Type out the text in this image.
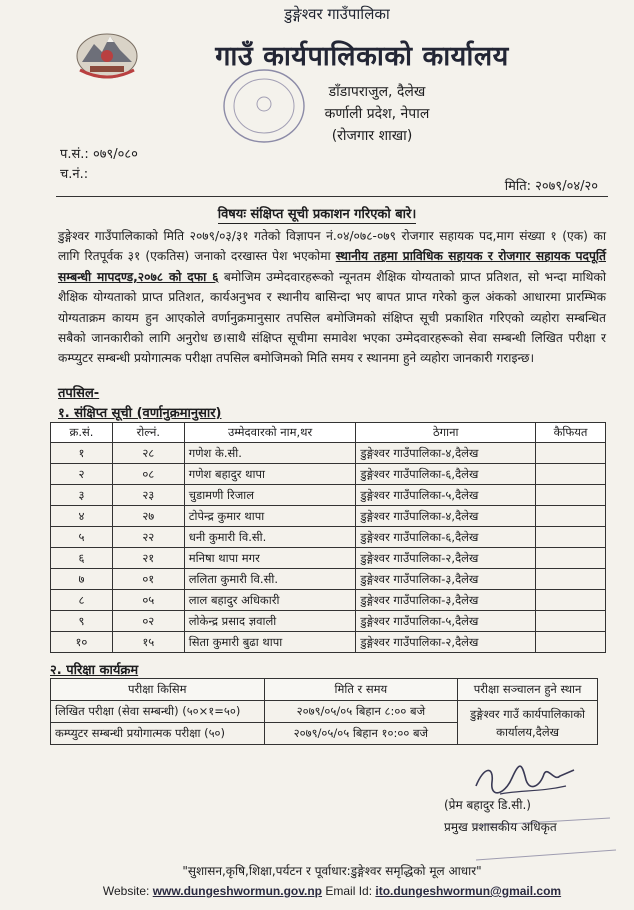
डुङ्गेश्वर गाउँपालिका
गाउँ कार्यपालिकाको कार्यालय
डाँडापराजुल, दैलेख
कर्णाली प्रदेश, नेपाल
(रोजगार शाखा)
प.सं.: ०७९/०८०
च.नं.:
मिति: २०७९/०४/२०
विषयः संक्षिप्त सूची प्रकाशन गरिएको बारे।
डुङ्गेश्वर गाउँपालिकाको मिति २०७९/०३/३१ गतेको विज्ञापन नं.०४/०७८-०७९ रोजगार सहायक पद,माग संख्या १ (एक) का लागि रितपूर्वक ३१ (एकतिस) जनाको दरखास्त पेश भएकोमा स्थानीय तहमा प्राविधिक सहायक र रोजगार सहायक पदपूर्ति सम्बन्धी मापदण्ड,२०७८ को दफा ६ बमोजिम उम्मेदवारहरूको न्यूनतम शैक्षिक योग्यताको प्राप्त प्रतिशत, सो भन्दा माथिको शैक्षिक योग्यताको प्राप्त प्रतिशत, कार्यअनुभव र स्थानीय बासिन्दा भए बापत प्राप्त गरेको कुल अंकको आधारमा प्रारम्भिक योग्यताक्रम कायम हुन आएकोले वर्णानुक्रमानुसार तपसिल बमोजिमको संक्षिप्त सूची प्रकाशित गरिएको व्यहोरा सम्बन्धित सबैको जानकारीको लागि अनुरोध छ।साथै संक्षिप्त सूचीमा समावेश भएका उम्मेदवारहरूको सेवा सम्बन्धी लिखित परीक्षा र कम्प्युटर सम्बन्धी प्रयोगात्मक परीक्षा तपसिल बमोजिमको मिति समय र स्थानमा हुने व्यहोरा जानकारी गराइन्छ।
तपसिल-
१. संक्षिप्त सूची (वर्णानुक्रमानुसार)
क्र.सं.	रोल्नं.	उम्मेदवारको नाम,थर	ठेगाना	कैफियत
१	२८	गणेश के.सी.	डुङ्गेश्वर गाउँपालिका-४,दैलेख	
२	०८	गणेश बहादुर थापा	डुङ्गेश्वर गाउँपालिका-६,दैलेख	
३	२३	चुडामणी रिजाल	डुङ्गेश्वर गाउँपालिका-५,दैलेख	
४	२७	टोपेन्द्र कुमार थापा	डुङ्गेश्वर गाउँपालिका-४,दैलेख	
५	२२	धनी कुमारी वि.सी.	डुङ्गेश्वर गाउँपालिका-६,दैलेख	
६	२१	मनिषा थापा मगर	डुङ्गेश्वर गाउँपालिका-२,दैलेख	
७	०१	ललिता कुमारी वि.सी.	डुङ्गेश्वर गाउँपालिका-३,दैलेख	
८	०५	लाल बहादुर अधिकारी	डुङ्गेश्वर गाउँपालिका-३,दैलेख	
९	०२	लोकेन्द्र प्रसाद ज्ञवाली	डुङ्गेश्वर गाउँपालिका-५,दैलेख	
१०	१५	सिता कुमारी बुढा थापा	डुङ्गेश्वर गाउँपालिका-२,दैलेख	
२. परिक्षा कार्यक्रम
परीक्षा किसिम	मिति र समय	परीक्षा सञ्चालन हुने स्थान
लिखित परीक्षा (सेवा सम्बन्धी) (५०×१=५०)	२०७९/०५/०५ बिहान ८:०० बजे	डुङ्गेश्वर गाउँ कार्यपालिकाको कार्यालय,दैलेख
कम्प्युटर सम्बन्धी प्रयोगात्मक परीक्षा (५०)	२०७९/०५/०५ बिहान १०:०० बजे	
(प्रेम बहादुर डि.सी.)
प्रमुख प्रशासकीय अधिकृत
"सुशासन,कृषि,शिक्षा,पर्यटन र पूर्वाधार:डुङ्गेश्वर समृद्धिको मूल आधार"
Website: www.dungeshwormun.gov.np Email Id: ito.dungeshwormun@gmail.com
